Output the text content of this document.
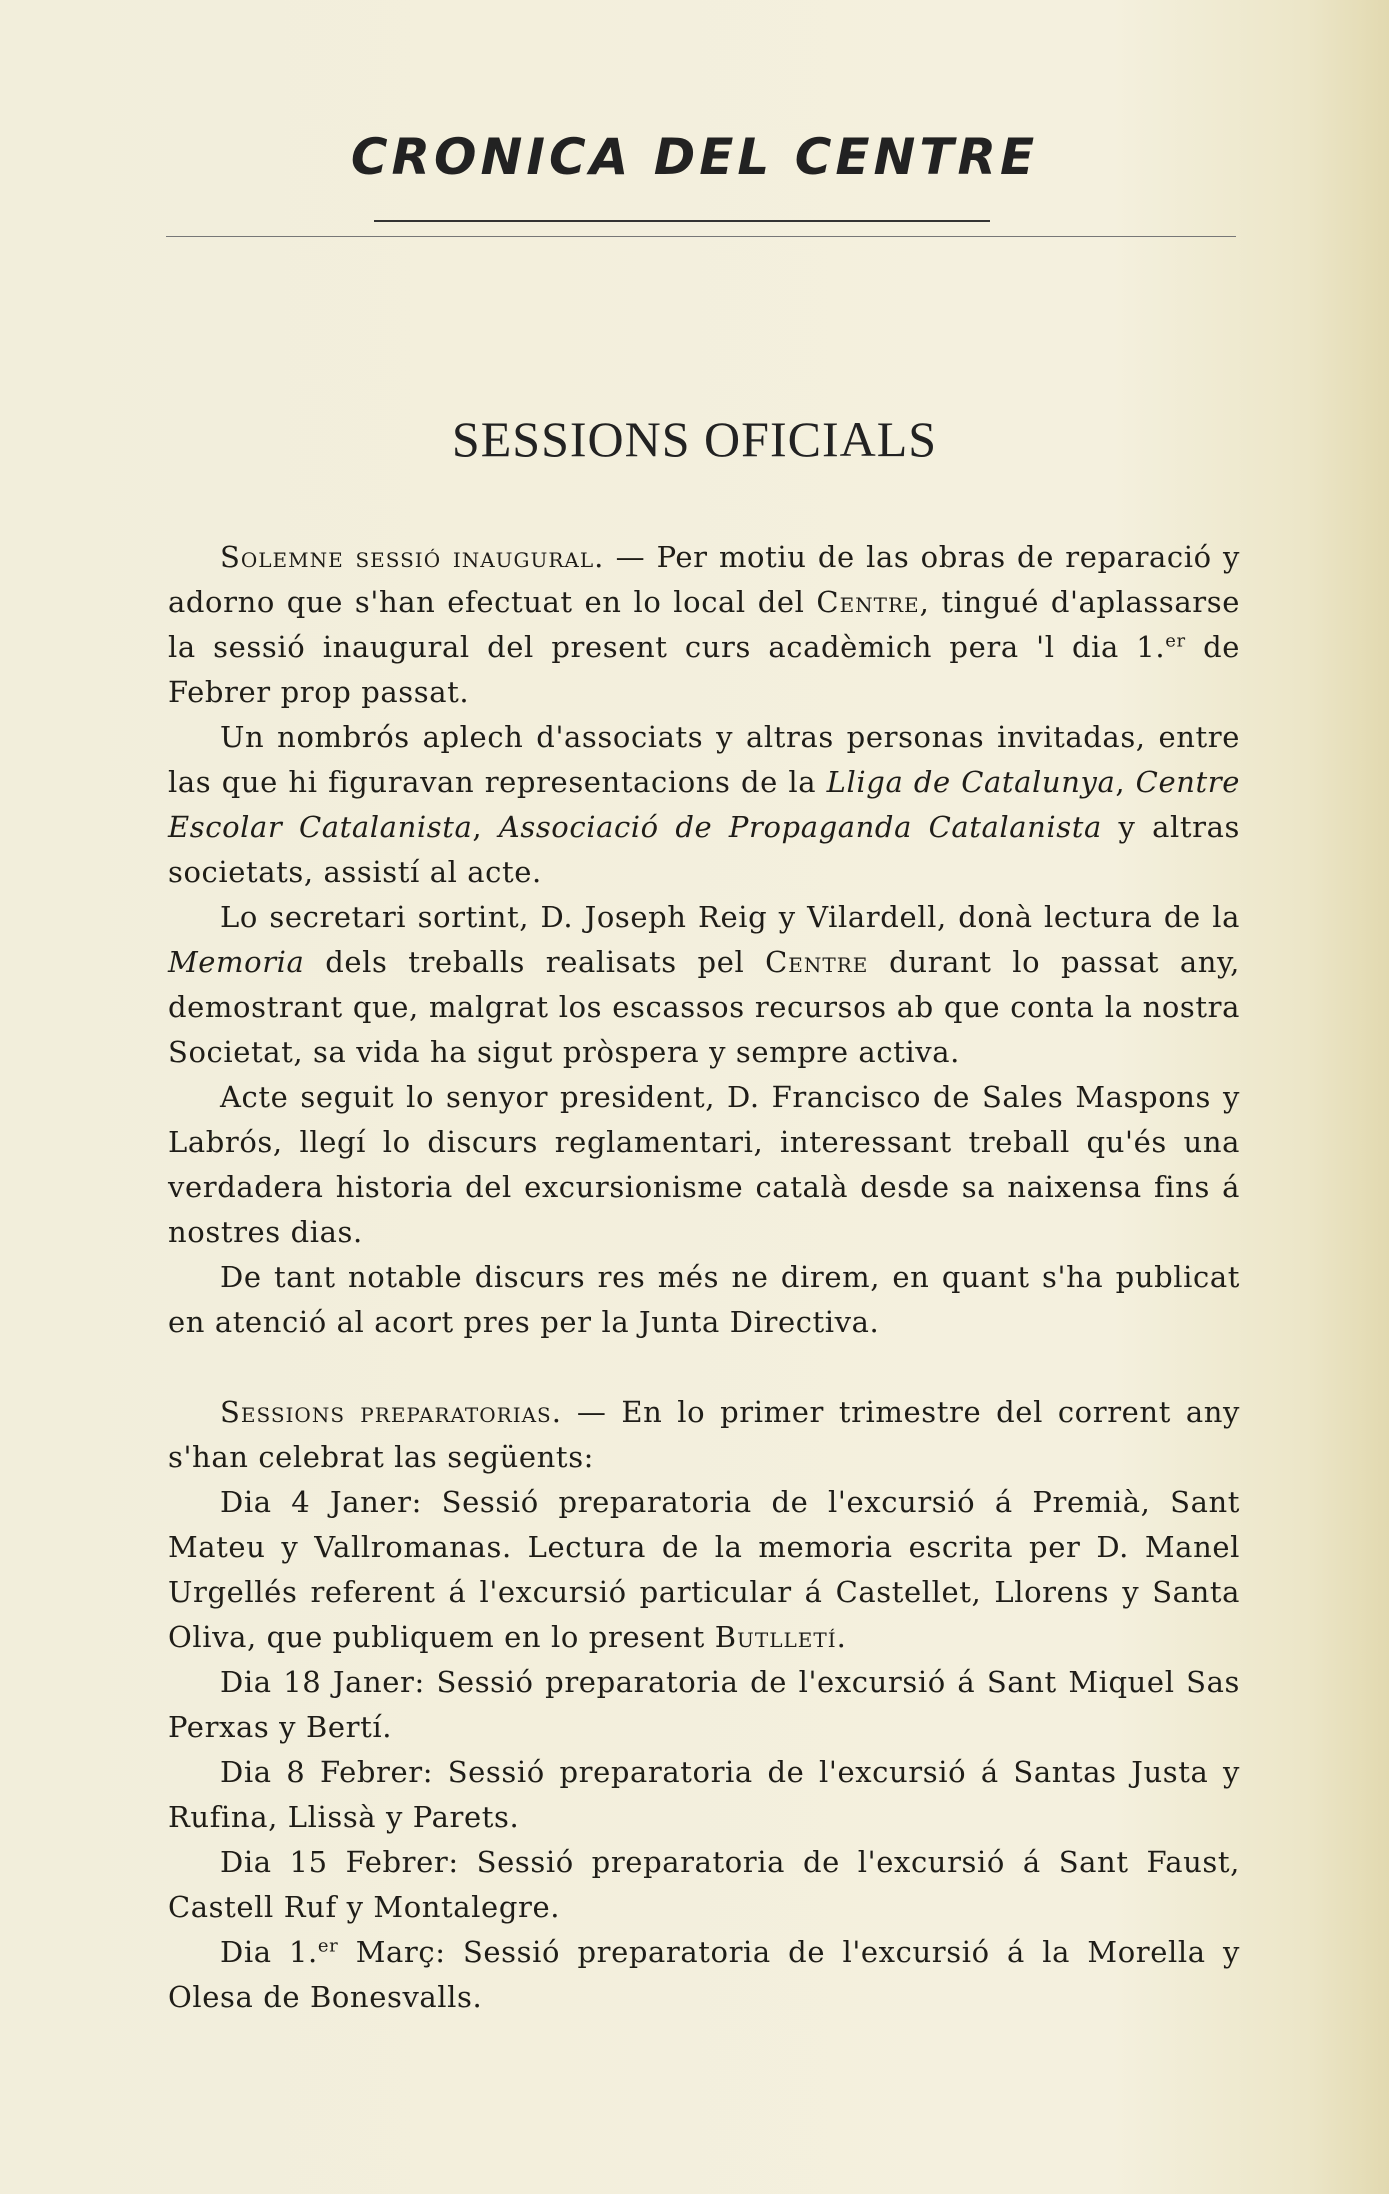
CRONICA DEL CENTRE
SESSIONS OFICIALS

Solemne sessió inaugural. — Per motiu de las obras de reparació y adorno que s'han efectuat en lo local del Centre, tingué d'aplassarse la sessió inaugural del present curs acadèmich pera 'l dia 1.$^{er}$ de Febrer prop passat.

Un nombrós aplech d'associats y altras personas invitadas, entre las que hi figuravan representacions de la Lliga de Catalunya, Centre Escolar Catalanista, Associació de Propaganda Catalanista y altras societats, assistí al acte.

Lo secretari sortint, D. Joseph Reig y Vilardell, donà lectura de la Memoria dels treballs realisats pel Centre durant lo passat any, demostrant que, malgrat los escassos recursos ab que conta la nostra Societat, sa vida ha sigut pròspera y sempre activa.

Acte seguit lo senyor president, D. Francisco de Sales Maspons y Labrós, llegí lo discurs reglamentari, interessant treball qu'és una verdadera historia del excursionisme català desde sa naixensa fins á nostres dias.

De tant notable discurs res més ne direm, en quant s'ha publicat en atenció al acort pres per la Junta Directiva.

Sessions preparatorias. — En lo primer trimestre del corrent any s'han celebrat las següents:

Dia 4 Janer: Sessió preparatoria de l'excursió á Premià, Sant Mateu y Vallromanas. Lectura de la memoria escrita per D. Manel Urgellés referent á l'excursió particular á Castellet, Llorens y Santa Oliva, que publiquem en lo present Butlletí.

Dia 18 Janer: Sessió preparatoria de l'excursió á Sant Miquel Sas Perxas y Bertí.

Dia 8 Febrer: Sessió preparatoria de l'excursió á Santas Justa y Rufina, Llissà y Parets.

Dia 15 Febrer: Sessió preparatoria de l'excursió á Sant Faust, Castell Ruf y Montalegre.

Dia 1.$^{er}$ Març: Sessió preparatoria de l'excursió á la Morella y Olesa de Bonesvalls.
